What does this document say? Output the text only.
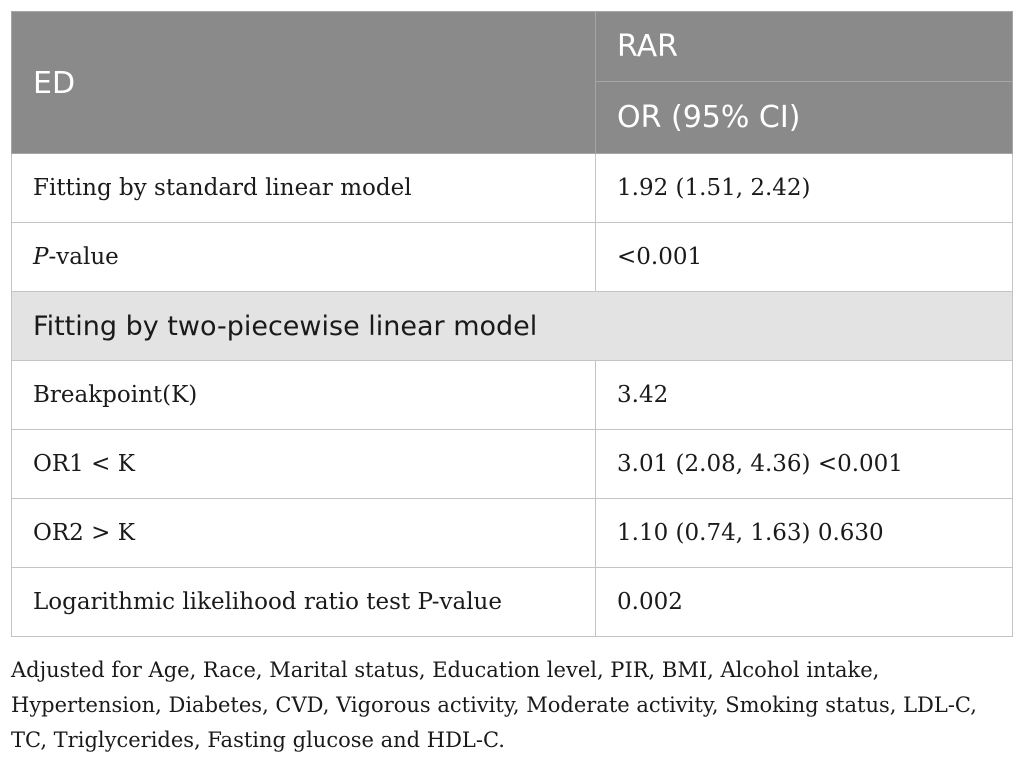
ED	RAR
	OR (95% CI)
Fitting by standard linear model	1.92 (1.51, 2.42)
P-value	<0.001
Fitting by two-piecewise linear model	
Breakpoint(K)	3.42
OR1 < K	3.01 (2.08, 4.36) <0.001
OR2 > K	1.10 (0.74, 1.63) 0.630
Logarithmic likelihood ratio test P-value	0.002

Adjusted for Age, Race, Marital status, Education level, PIR, BMI, Alcohol intake, Hypertension, Diabetes, CVD, Vigorous activity, Moderate activity, Smoking status, LDL-C, TC, Triglycerides, Fasting glucose and HDL-C.
